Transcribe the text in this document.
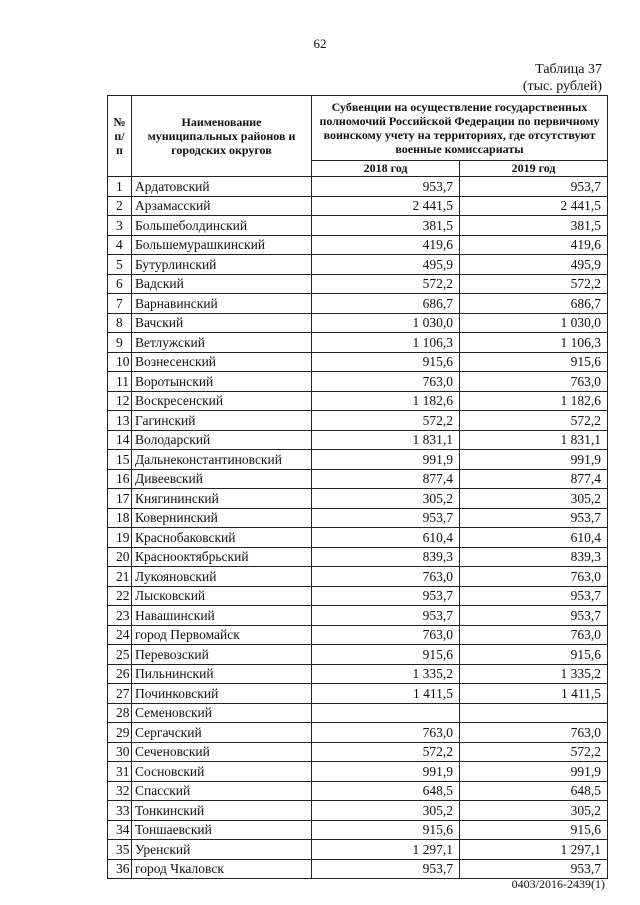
62
Таблица 37
(тыс. рублей)
№ п/п	Наименование муниципальных районов и городских округов	Субвенции на осуществление государственных полномочий Российской Федерации по первичному воинскому учету на территориях, где отсутствуют военные комиссариаты	
		2018 год	2019 год
1	Ардатовский	953,7	953,7
2	Арзамасский	2 441,5	2 441,5
3	Большеболдинский	381,5	381,5
4	Большемурашкинский	419,6	419,6
5	Бутурлинский	495,9	495,9
6	Вадский	572,2	572,2
7	Варнавинский	686,7	686,7
8	Вачский	1 030,0	1 030,0
9	Ветлужский	1 106,3	1 106,3
10	Вознесенский	915,6	915,6
11	Воротынский	763,0	763,0
12	Воскресенский	1 182,6	1 182,6
13	Гагинский	572,2	572,2
14	Володарский	1 831,1	1 831,1
15	Дальнеконстантиновский	991,9	991,9
16	Дивеевский	877,4	877,4
17	Княгининский	305,2	305,2
18	Ковернинский	953,7	953,7
19	Краснобаковский	610,4	610,4
20	Краснооктябрьский	839,3	839,3
21	Лукояновский	763,0	763,0
22	Лысковский	953,7	953,7
23	Навашинский	953,7	953,7
24	город Первомайск	763,0	763,0
25	Перевозский	915,6	915,6
26	Пильнинский	1 335,2	1 335,2
27	Починковский	1 411,5	1 411,5
28	Семеновский		
29	Сергачский	763,0	763,0
30	Сеченовский	572,2	572,2
31	Сосновский	991,9	991,9
32	Спасский	648,5	648,5
33	Тонкинский	305,2	305,2
34	Тоншаевский	915,6	915,6
35	Уренский	1 297,1	1 297,1
36	город Чкаловск	953,7	953,7
0403/2016-2439(1)
